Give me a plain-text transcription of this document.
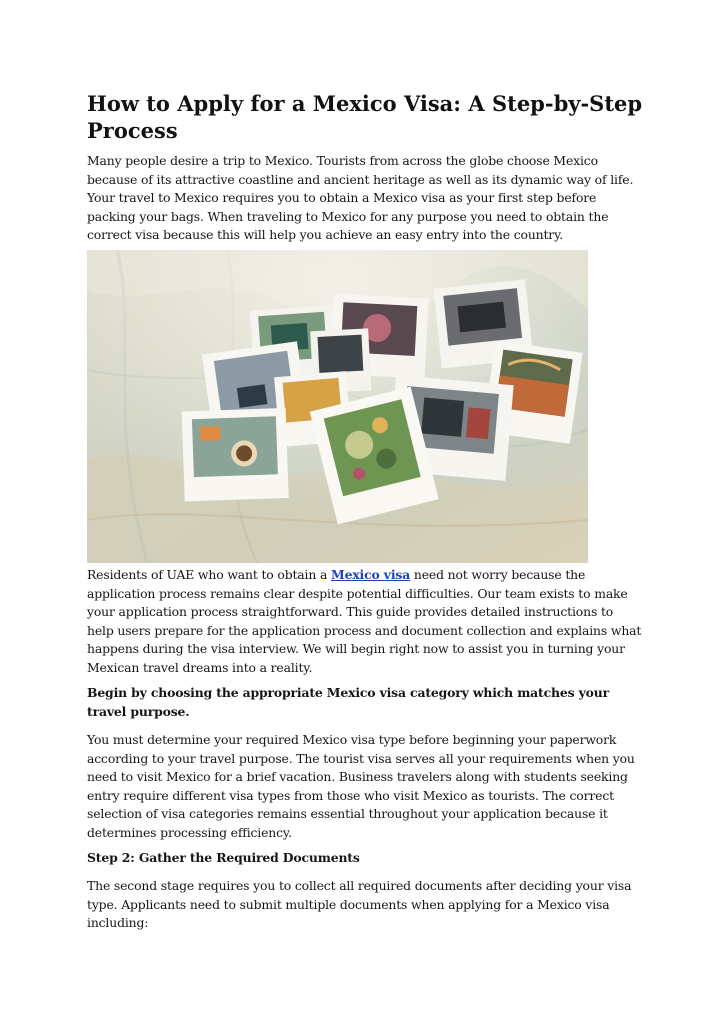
How to Apply for a Mexico Visa: A Step-by-Step Process

Many people desire a trip to Mexico. Tourists from across the globe choose Mexico because of its attractive coastline and ancient heritage as well as its dynamic way of life. Your travel to Mexico requires you to obtain a Mexico visa as your first step before packing your bags. When traveling to Mexico for any purpose you need to obtain the correct visa because this will help you achieve an easy entry into the country.

Residents of UAE who want to obtain a Mexico visa need not worry because the application process remains clear despite potential difficulties. Our team exists to make your application process straightforward. This guide provides detailed instructions to help users prepare for the application process and document collection and explains what happens during the visa interview. We will begin right now to assist you in turning your Mexican travel dreams into a reality.

Begin by choosing the appropriate Mexico visa category which matches your travel purpose.

You must determine your required Mexico visa type before beginning your paperwork according to your travel purpose. The tourist visa serves all your requirements when you need to visit Mexico for a brief vacation. Business travelers along with students seeking entry require different visa types from those who visit Mexico as tourists. The correct selection of visa categories remains essential throughout your application because it determines processing efficiency.

Step 2: Gather the Required Documents

The second stage requires you to collect all required documents after deciding your visa type. Applicants need to submit multiple documents when applying for a Mexico visa including:
